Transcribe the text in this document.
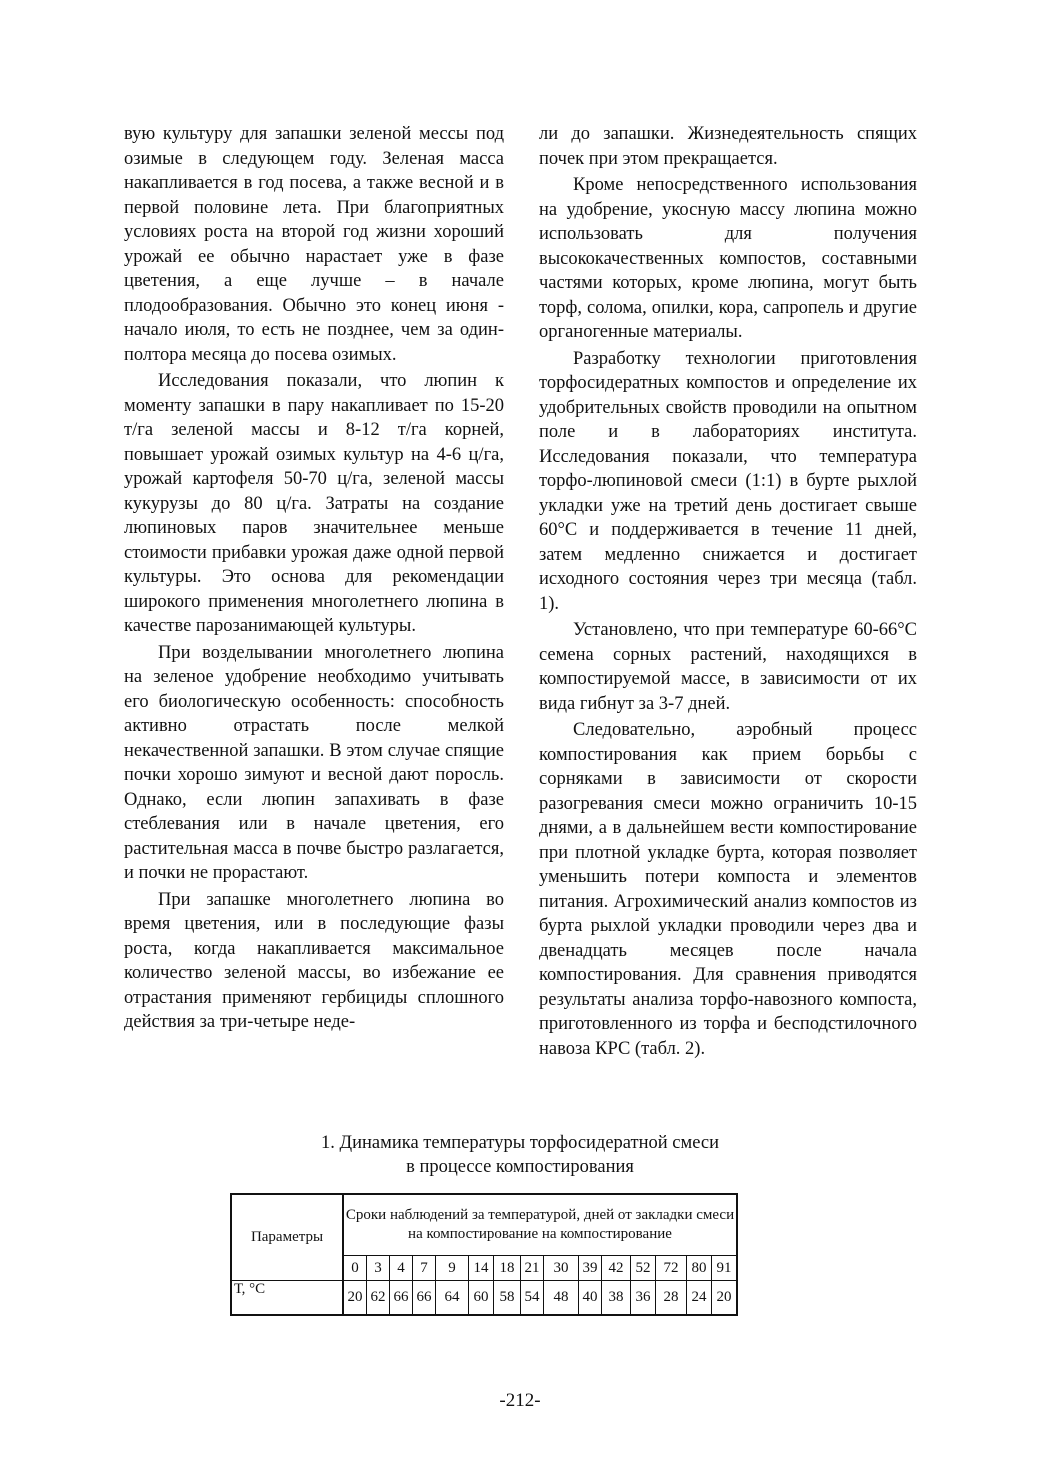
вую культуру для запашки зеленой мессы под озимые в следующем году. Зеленая масса накапливается в год посева, а также весной и в первой половине лета. При благоприятных условиях роста на второй год жизни хороший урожай ее обычно нарастает уже в фазе цветения, а еще лучше – в начале плодообразования. Обычно это конец июня - начало июля, то есть не позднее, чем за один-полтора месяца до посева озимых.

Исследования показали, что люпин к моменту запашки в пару накапливает по 15-20 т/га зеленой массы и 8-12 т/га корней, повышает урожай озимых культур на 4-6 ц/га, урожай картофеля 50-70 ц/га, зеленой массы кукурузы до 80 ц/га. Затраты на создание люпиновых паров значительнее меньше стоимости прибавки урожая даже одной первой культуры. Это основа для рекомендации широкого применения многолетнего люпина в качестве парозанимающей культуры.

При возделывании многолетнего люпина на зеленое удобрение необходимо учитывать его биологическую особенность: способность активно отрастать после мелкой некачественной запашки. В этом случае спящие почки хорошо зимуют и весной дают поросль. Однако, если люпин запахивать в фазе стеблевания или в начале цветения, его растительная масса в почве быстро разлагается, и почки не прорастают.

При запашке многолетнего люпина во время цветения, или в последующие фазы роста, когда накапливается максимальное количество зеленой массы, во избежание ее отрастания применяют гербициды сплошного действия за три-четыре неде-

ли до запашки. Жизнедеятельность спящих почек при этом прекращается.

Кроме непосредственного использования на удобрение, укосную массу люпина можно использовать для получения высококачественных компостов, составными частями которых, кроме люпина, могут быть торф, солома, опилки, кора, сапропель и другие органогенные материалы.

Разработку технологии приготовления торфосидератных компостов и определение их удобрительных свойств проводили на опытном поле и в лабораториях института. Исследования показали, что температура торфо-люпиновой смеси (1:1) в бурте рыхлой укладки уже на третий день достигает свыше 60°С и поддерживается в течение 11 дней, затем медленно снижается и достигает исходного состояния через три месяца (табл. 1).

Установлено, что при температуре 60-66°С семена сорных растений, находящихся в компостируемой массе, в зависимости от их вида гибнут за 3-7 дней.

Следовательно, аэробный процесс компостирования как прием борьбы с сорняками в зависимости от скорости разогревания смеси можно ограничить 10-15 днями, а в дальнейшем вести компостирование при плотной укладке бурта, которая позволяет уменьшить потери компоста и элементов питания. Агрохимический анализ компостов из бурта рыхлой укладки проводили через два и двенадцать месяцев после начала компостирования. Для сравнения приводятся результаты анализа торфо-навозного компоста, приготовленного из торфа и бесподстилочного навоза КРС (табл. 2).

1. Динамика температуры торфосидератной смеси
в процессе компостирования
Параметры	Сроки наблюдений за температурой, дней от закладки смеси на компостирование на компостирование														
	0	3	4	7	9	14	18	21	30	39	42	52	72	80	91
Т, °С	20	62	66	66	64	60	58	54	48	40	38	36	28	24	20
-212-
